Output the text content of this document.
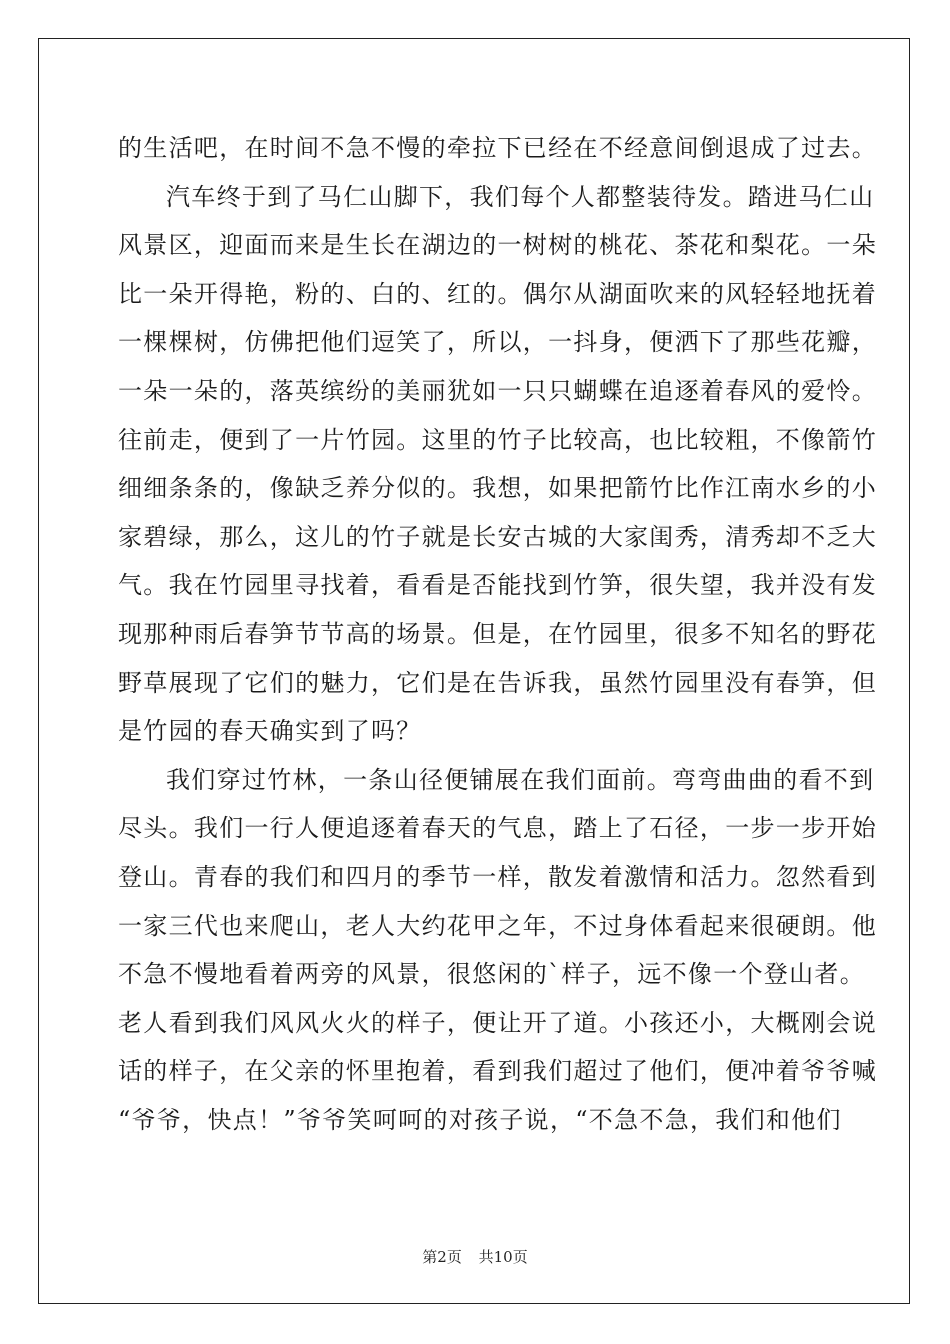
的生活吧，在时间不急不慢的牵拉下已经在不经意间倒退成了过去。
汽车终于到了马仁山脚下，我们每个人都整装待发。踏进马仁山
风景区，迎面而来是生长在湖边的一树树的桃花、茶花和梨花。一朵
比一朵开得艳，粉的、白的、红的。偶尔从湖面吹来的风轻轻地抚着
一棵棵树，仿佛把他们逗笑了，所以，一抖身，便洒下了那些花瓣，
一朵一朵的，落英缤纷的美丽犹如一只只蝴蝶在追逐着春风的爱怜。
往前走，便到了一片竹园。这里的竹子比较高，也比较粗，不像箭竹
细细条条的，像缺乏养分似的。我想，如果把箭竹比作江南水乡的小
家碧绿，那么，这儿的竹子就是长安古城的大家闺秀，清秀却不乏大
气。我在竹园里寻找着，看看是否能找到竹笋，很失望，我并没有发
现那种雨后春笋节节高的场景。但是，在竹园里，很多不知名的野花
野草展现了它们的魅力，它们是在告诉我，虽然竹园里没有春笋，但
是竹园的春天确实到了吗？
我们穿过竹林，一条山径便铺展在我们面前。弯弯曲曲的看不到
尽头。我们一行人便追逐着春天的气息，踏上了石径，一步一步开始
登山。青春的我们和四月的季节一样，散发着激情和活力。忽然看到
一家三代也来爬山，老人大约花甲之年，不过身体看起来很硬朗。他
不急不慢地看着两旁的风景，很悠闲的`样子，远不像一个登山者。
老人看到我们风风火火的样子，便让开了道。小孩还小，大概刚会说
话的样子，在父亲的怀里抱着，看到我们超过了他们，便冲着爷爷喊
“爷爷，快点！”爷爷笑呵呵的对孩子说，“不急不急，我们和他们
第2页 共10页
